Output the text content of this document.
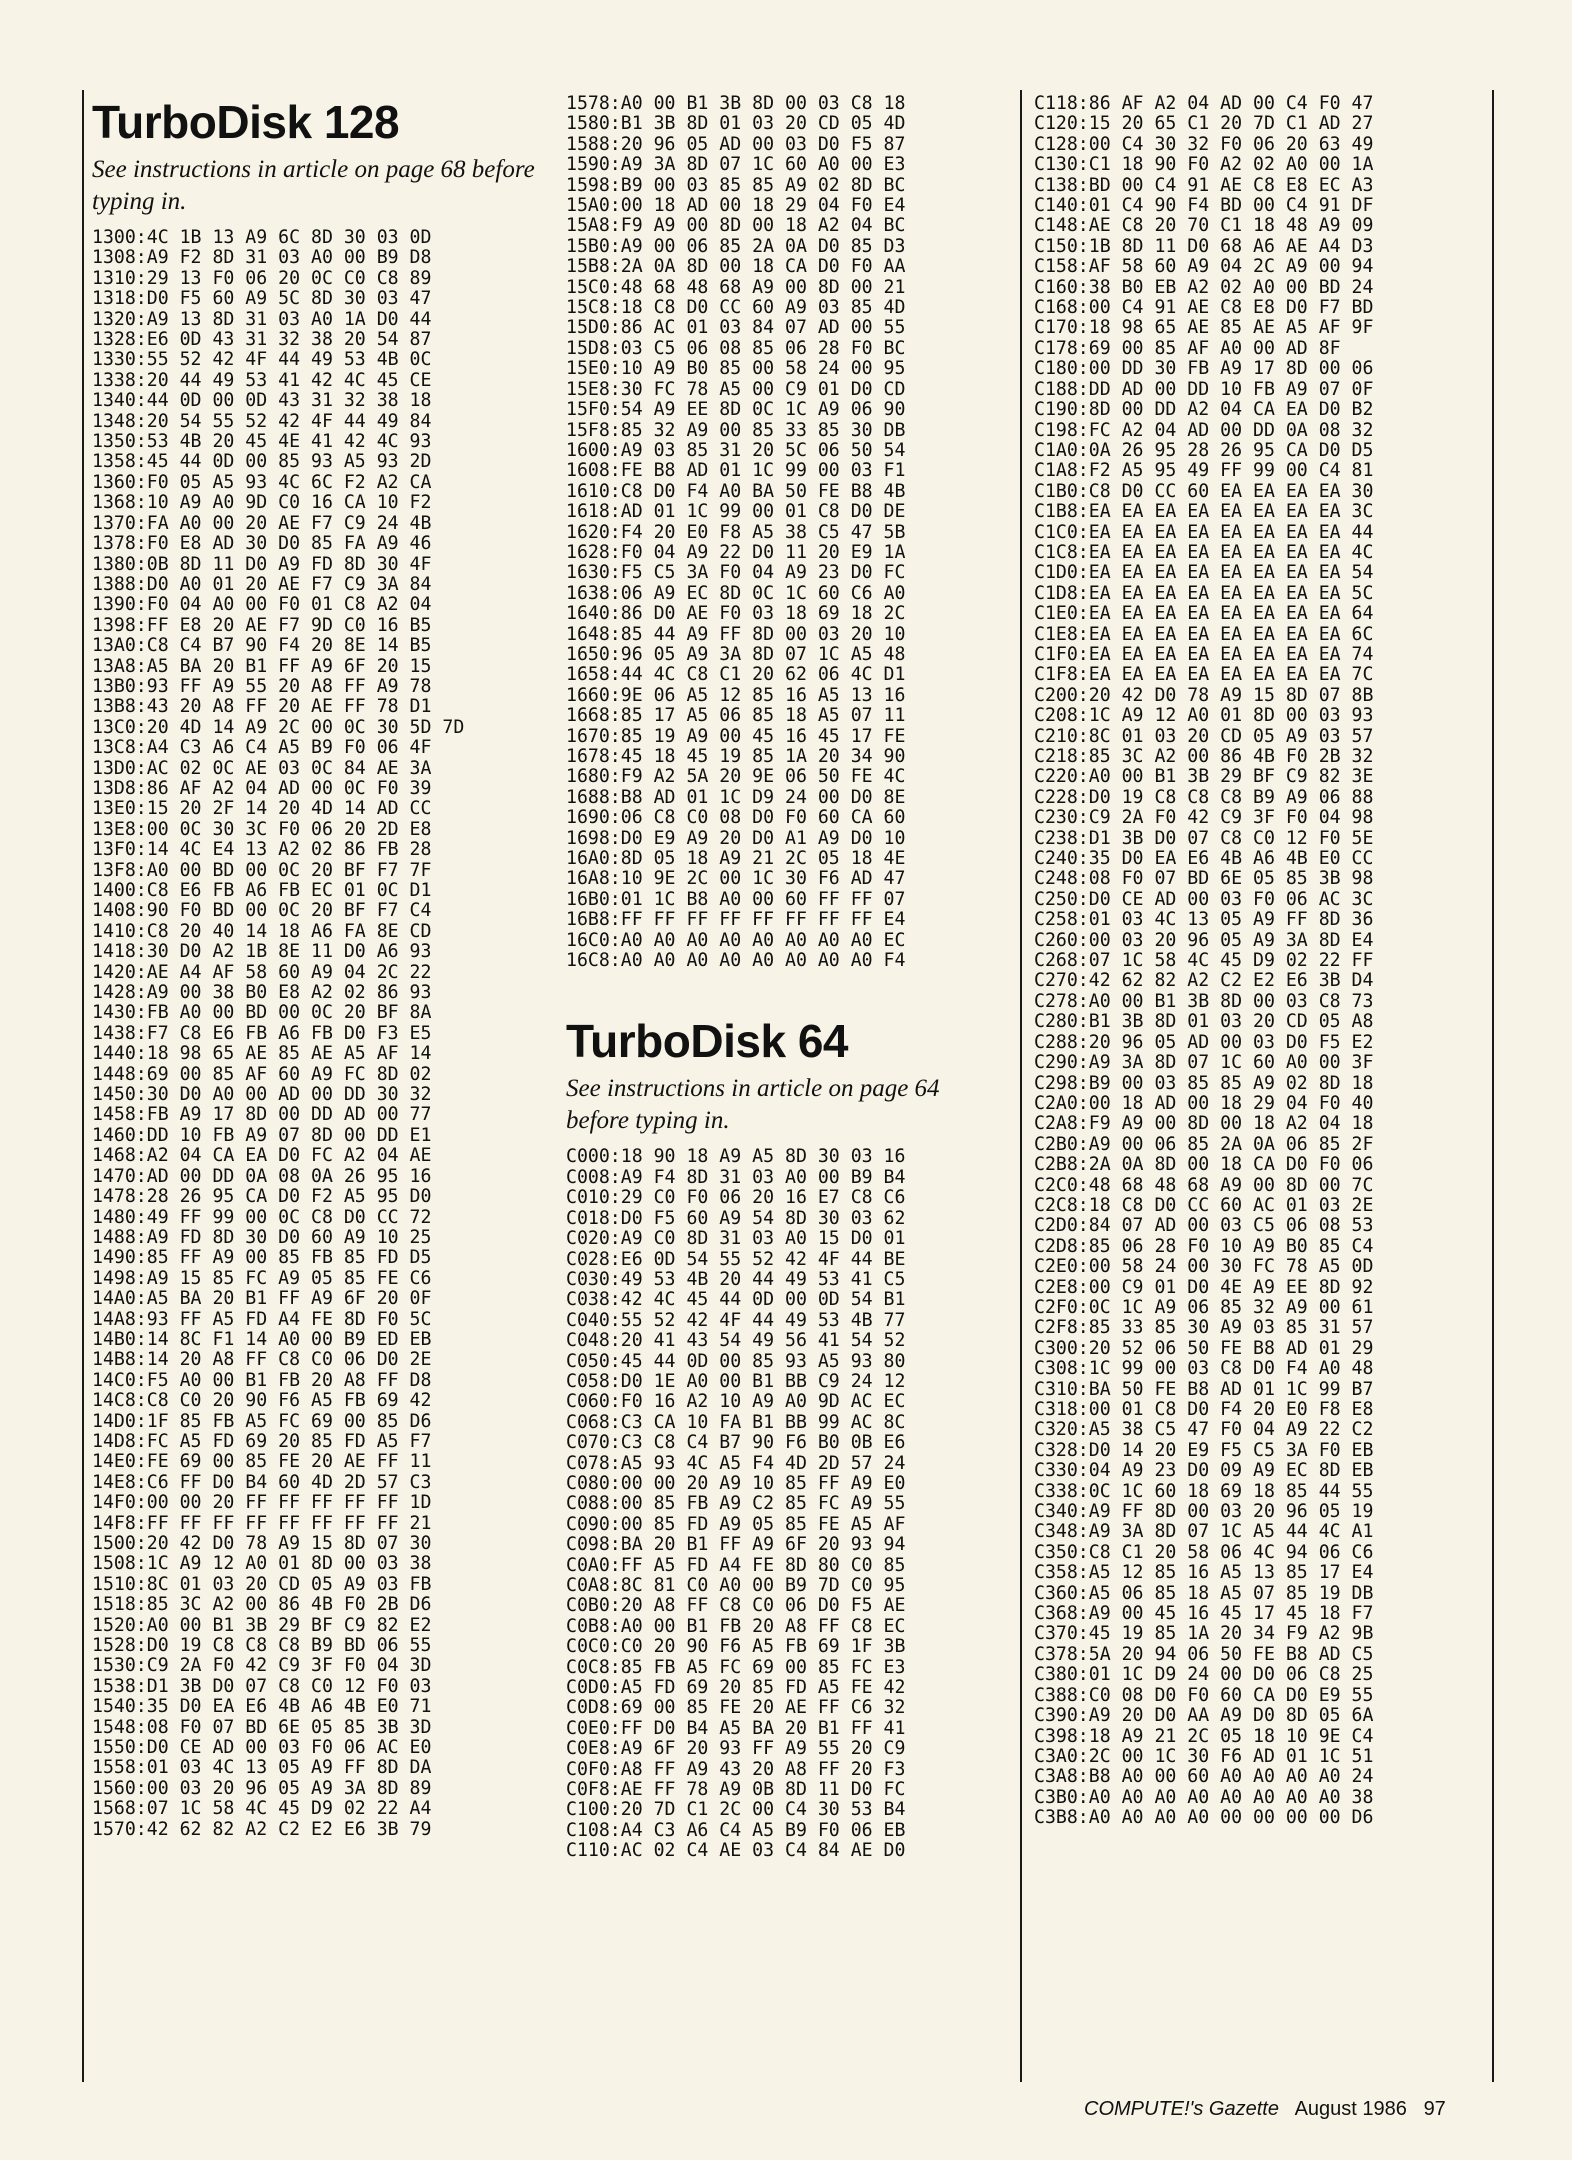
TurboDisk 128
See instructions in article on page 68 before typing in.
1300:4C 1B 13 A9 6C 8D 30 03 0D
1308:A9 F2 8D 31 03 A0 00 B9 D8
1310:29 13 F0 06 20 0C C0 C8 89
1318:D0 F5 60 A9 5C 8D 30 03 47
1320:A9 13 8D 31 03 A0 1A D0 44
1328:E6 0D 43 31 32 38 20 54 87
1330:55 52 42 4F 44 49 53 4B 0C
1338:20 44 49 53 41 42 4C 45 CE
1340:44 0D 00 0D 43 31 32 38 18
1348:20 54 55 52 42 4F 44 49 84
1350:53 4B 20 45 4E 41 42 4C 93
1358:45 44 0D 00 85 93 A5 93 2D
1360:F0 05 A5 93 4C 6C F2 A2 CA
1368:10 A9 A0 9D C0 16 CA 10 F2
1370:FA A0 00 20 AE F7 C9 24 4B
1378:F0 E8 AD 30 D0 85 FA A9 46
1380:0B 8D 11 D0 A9 FD 8D 30 4F
1388:D0 A0 01 20 AE F7 C9 3A 84
1390:F0 04 A0 00 F0 01 C8 A2 04
1398:FF E8 20 AE F7 9D C0 16 B5
13A0:C8 C4 B7 90 F4 20 8E 14 B5
13A8:A5 BA 20 B1 FF A9 6F 20 15
13B0:93 FF A9 55 20 A8 FF A9 78
13B8:43 20 A8 FF 20 AE FF 78 D1
13C0:20 4D 14 A9 2C 00 0C 30 5D 7D
13C8:A4 C3 A6 C4 A5 B9 F0 06 4F
13D0:AC 02 0C AE 03 0C 84 AE 3A
13D8:86 AF A2 04 AD 00 0C F0 39
13E0:15 20 2F 14 20 4D 14 AD CC
13E8:00 0C 30 3C F0 06 20 2D E8
13F0:14 4C E4 13 A2 02 86 FB 28
13F8:A0 00 BD 00 0C 20 BF F7 7F
1400:C8 E6 FB A6 FB EC 01 0C D1
1408:90 F0 BD 00 0C 20 BF F7 C4
1410:C8 20 40 14 18 A6 FA 8E CD
1418:30 D0 A2 1B 8E 11 D0 A6 93
1420:AE A4 AF 58 60 A9 04 2C 22
1428:A9 00 38 B0 E8 A2 02 86 93
1430:FB A0 00 BD 00 0C 20 BF 8A
1438:F7 C8 E6 FB A6 FB D0 F3 E5
1440:18 98 65 AE 85 AE A5 AF 14
1448:69 00 85 AF 60 A9 FC 8D 02
1450:30 D0 A0 00 AD 00 DD 30 32
1458:FB A9 17 8D 00 DD AD 00 77
1460:DD 10 FB A9 07 8D 00 DD E1
1468:A2 04 CA EA D0 FC A2 04 AE
1470:AD 00 DD 0A 08 0A 26 95 16
1478:28 26 95 CA D0 F2 A5 95 D0
1480:49 FF 99 00 0C C8 D0 CC 72
1488:A9 FD 8D 30 D0 60 A9 10 25
1490:85 FF A9 00 85 FB 85 FD D5
1498:A9 15 85 FC A9 05 85 FE C6
14A0:A5 BA 20 B1 FF A9 6F 20 0F
14A8:93 FF A5 FD A4 FE 8D F0 5C
14B0:14 8C F1 14 A0 00 B9 ED EB
14B8:14 20 A8 FF C8 C0 06 D0 2E
14C0:F5 A0 00 B1 FB 20 A8 FF D8
14C8:C8 C0 20 90 F6 A5 FB 69 42
14D0:1F 85 FB A5 FC 69 00 85 D6
14D8:FC A5 FD 69 20 85 FD A5 F7
14E0:FE 69 00 85 FE 20 AE FF 11
14E8:C6 FF D0 B4 60 4D 2D 57 C3
14F0:00 00 20 FF FF FF FF FF 1D
14F8:FF FF FF FF FF FF FF FF 21
1500:20 42 D0 78 A9 15 8D 07 30
1508:1C A9 12 A0 01 8D 00 03 38
1510:8C 01 03 20 CD 05 A9 03 FB
1518:85 3C A2 00 86 4B F0 2B D6
1520:A0 00 B1 3B 29 BF C9 82 E2
1528:D0 19 C8 C8 C8 B9 BD 06 55
1530:C9 2A F0 42 C9 3F F0 04 3D
1538:D1 3B D0 07 C8 C0 12 F0 03
1540:35 D0 EA E6 4B A6 4B E0 71
1548:08 F0 07 BD 6E 05 85 3B 3D
1550:D0 CE AD 00 03 F0 06 AC E0
1558:01 03 4C 13 05 A9 FF 8D DA
1560:00 03 20 96 05 A9 3A 8D 89
1568:07 1C 58 4C 45 D9 02 22 A4
1570:42 62 82 A2 C2 E2 E6 3B 79
1578:A0 00 B1 3B 8D 00 03 C8 18
1580:B1 3B 8D 01 03 20 CD 05 4D
1588:20 96 05 AD 00 03 D0 F5 87
1590:A9 3A 8D 07 1C 60 A0 00 E3
1598:B9 00 03 85 85 A9 02 8D BC
15A0:00 18 AD 00 18 29 04 F0 E4
15A8:F9 A9 00 8D 00 18 A2 04 BC
15B0:A9 00 06 85 2A 0A D0 85 D3
15B8:2A 0A 8D 00 18 CA D0 F0 AA
15C0:48 68 48 68 A9 00 8D 00 21
15C8:18 C8 D0 CC 60 A9 03 85 4D
15D0:86 AC 01 03 84 07 AD 00 55
15D8:03 C5 06 08 85 06 28 F0 BC
15E0:10 A9 B0 85 00 58 24 00 95
15E8:30 FC 78 A5 00 C9 01 D0 CD
15F0:54 A9 EE 8D 0C 1C A9 06 90
15F8:85 32 A9 00 85 33 85 30 DB
1600:A9 03 85 31 20 5C 06 50 54
1608:FE B8 AD 01 1C 99 00 03 F1
1610:C8 D0 F4 A0 BA 50 FE B8 4B
1618:AD 01 1C 99 00 01 C8 D0 DE
1620:F4 20 E0 F8 A5 38 C5 47 5B
1628:F0 04 A9 22 D0 11 20 E9 1A
1630:F5 C5 3A F0 04 A9 23 D0 FC
1638:06 A9 EC 8D 0C 1C 60 C6 A0
1640:86 D0 AE F0 03 18 69 18 2C
1648:85 44 A9 FF 8D 00 03 20 10
1650:96 05 A9 3A 8D 07 1C A5 48
1658:44 4C C8 C1 20 62 06 4C D1
1660:9E 06 A5 12 85 16 A5 13 16
1668:85 17 A5 06 85 18 A5 07 11
1670:85 19 A9 00 45 16 45 17 FE
1678:45 18 45 19 85 1A 20 34 90
1680:F9 A2 5A 20 9E 06 50 FE 4C
1688:B8 AD 01 1C D9 24 00 D0 8E
1690:06 C8 C0 08 D0 F0 60 CA 60
1698:D0 E9 A9 20 D0 A1 A9 D0 10
16A0:8D 05 18 A9 21 2C 05 18 4E
16A8:10 9E 2C 00 1C 30 F6 AD 47
16B0:01 1C B8 A0 00 60 FF FF 07
16B8:FF FF FF FF FF FF FF FF E4
16C0:A0 A0 A0 A0 A0 A0 A0 A0 EC
16C8:A0 A0 A0 A0 A0 A0 A0 A0 F4
TurboDisk 64
See instructions in article on page 64 before typing in.
C000:18 90 18 A9 A5 8D 30 03 16
C008:A9 F4 8D 31 03 A0 00 B9 B4
C010:29 C0 F0 06 20 16 E7 C8 C6
C018:D0 F5 60 A9 54 8D 30 03 62
C020:A9 C0 8D 31 03 A0 15 D0 01
C028:E6 0D 54 55 52 42 4F 44 BE
C030:49 53 4B 20 44 49 53 41 C5
C038:42 4C 45 44 0D 00 0D 54 B1
C040:55 52 42 4F 44 49 53 4B 77
C048:20 41 43 54 49 56 41 54 52
C050:45 44 0D 00 85 93 A5 93 80
C058:D0 1E A0 00 B1 BB C9 24 12
C060:F0 16 A2 10 A9 A0 9D AC EC
C068:C3 CA 10 FA B1 BB 99 AC 8C
C070:C3 C8 C4 B7 90 F6 B0 0B E6
C078:A5 93 4C A5 F4 4D 2D 57 24
C080:00 00 20 A9 10 85 FF A9 E0
C088:00 85 FB A9 C2 85 FC A9 55
C090:00 85 FD A9 05 85 FE A5 AF
C098:BA 20 B1 FF A9 6F 20 93 94
C0A0:FF A5 FD A4 FE 8D 80 C0 85
C0A8:8C 81 C0 A0 00 B9 7D C0 95
C0B0:20 A8 FF C8 C0 06 D0 F5 AE
C0B8:A0 00 B1 FB 20 A8 FF C8 EC
C0C0:C0 20 90 F6 A5 FB 69 1F 3B
C0C8:85 FB A5 FC 69 00 85 FC E3
C0D0:A5 FD 69 20 85 FD A5 FE 42
C0D8:69 00 85 FE 20 AE FF C6 32
C0E0:FF D0 B4 A5 BA 20 B1 FF 41
C0E8:A9 6F 20 93 FF A9 55 20 C9
C0F0:A8 FF A9 43 20 A8 FF 20 F3
C0F8:AE FF 78 A9 0B 8D 11 D0 FC
C100:20 7D C1 2C 00 C4 30 53 B4
C108:A4 C3 A6 C4 A5 B9 F0 06 EB
C110:AC 02 C4 AE 03 C4 84 AE D0
C118:86 AF A2 04 AD 00 C4 F0 47
C120:15 20 65 C1 20 7D C1 AD 27
C128:00 C4 30 32 F0 06 20 63 49
C130:C1 18 90 F0 A2 02 A0 00 1A
C138:BD 00 C4 91 AE C8 E8 EC A3
C140:01 C4 90 F4 BD 00 C4 91 DF
C148:AE C8 20 70 C1 18 48 A9 09
C150:1B 8D 11 D0 68 A6 AE A4 D3
C158:AF 58 60 A9 04 2C A9 00 94
C160:38 B0 EB A2 02 A0 00 BD 24
C168:00 C4 91 AE C8 E8 D0 F7 BD
C170:18 98 65 AE 85 AE A5 AF 9F
C178:69 00 85 AF A0 00 AD 8F
C180:00 DD 30 FB A9 17 8D 00 06
C188:DD AD 00 DD 10 FB A9 07 0F
C190:8D 00 DD A2 04 CA EA D0 B2
C198:FC A2 04 AD 00 DD 0A 08 32
C1A0:0A 26 95 28 26 95 CA D0 D5
C1A8:F2 A5 95 49 FF 99 00 C4 81
C1B0:C8 D0 CC 60 EA EA EA EA 30
C1B8:EA EA EA EA EA EA EA EA 3C
C1C0:EA EA EA EA EA EA EA EA 44
C1C8:EA EA EA EA EA EA EA EA 4C
C1D0:EA EA EA EA EA EA EA EA 54
C1D8:EA EA EA EA EA EA EA EA 5C
C1E0:EA EA EA EA EA EA EA EA 64
C1E8:EA EA EA EA EA EA EA EA 6C
C1F0:EA EA EA EA EA EA EA EA 74
C1F8:EA EA EA EA EA EA EA EA 7C
C200:20 42 D0 78 A9 15 8D 07 8B
C208:1C A9 12 A0 01 8D 00 03 93
C210:8C 01 03 20 CD 05 A9 03 57
C218:85 3C A2 00 86 4B F0 2B 32
C220:A0 00 B1 3B 29 BF C9 82 3E
C228:D0 19 C8 C8 C8 B9 A9 06 88
C230:C9 2A F0 42 C9 3F F0 04 98
C238:D1 3B D0 07 C8 C0 12 F0 5E
C240:35 D0 EA E6 4B A6 4B E0 CC
C248:08 F0 07 BD 6E 05 85 3B 98
C250:D0 CE AD 00 03 F0 06 AC 3C
C258:01 03 4C 13 05 A9 FF 8D 36
C260:00 03 20 96 05 A9 3A 8D E4
C268:07 1C 58 4C 45 D9 02 22 FF
C270:42 62 82 A2 C2 E2 E6 3B D4
C278:A0 00 B1 3B 8D 00 03 C8 73
C280:B1 3B 8D 01 03 20 CD 05 A8
C288:20 96 05 AD 00 03 D0 F5 E2
C290:A9 3A 8D 07 1C 60 A0 00 3F
C298:B9 00 03 85 85 A9 02 8D 18
C2A0:00 18 AD 00 18 29 04 F0 40
C2A8:F9 A9 00 8D 00 18 A2 04 18
C2B0:A9 00 06 85 2A 0A 06 85 2F
C2B8:2A 0A 8D 00 18 CA D0 F0 06
C2C0:48 68 48 68 A9 00 8D 00 7C
C2C8:18 C8 D0 CC 60 AC 01 03 2E
C2D0:84 07 AD 00 03 C5 06 08 53
C2D8:85 06 28 F0 10 A9 B0 85 C4
C2E0:00 58 24 00 30 FC 78 A5 0D
C2E8:00 C9 01 D0 4E A9 EE 8D 92
C2F0:0C 1C A9 06 85 32 A9 00 61
C2F8:85 33 85 30 A9 03 85 31 57
C300:20 52 06 50 FE B8 AD 01 29
C308:1C 99 00 03 C8 D0 F4 A0 48
C310:BA 50 FE B8 AD 01 1C 99 B7
C318:00 01 C8 D0 F4 20 E0 F8 E8
C320:A5 38 C5 47 F0 04 A9 22 C2
C328:D0 14 20 E9 F5 C5 3A F0 EB
C330:04 A9 23 D0 09 A9 EC 8D EB
C338:0C 1C 60 18 69 18 85 44 55
C340:A9 FF 8D 00 03 20 96 05 19
C348:A9 3A 8D 07 1C A5 44 4C A1
C350:C8 C1 20 58 06 4C 94 06 C6
C358:A5 12 85 16 A5 13 85 17 E4
C360:A5 06 85 18 A5 07 85 19 DB
C368:A9 00 45 16 45 17 45 18 F7
C370:45 19 85 1A 20 34 F9 A2 9B
C378:5A 20 94 06 50 FE B8 AD C5
C380:01 1C D9 24 00 D0 06 C8 25
C388:C0 08 D0 F0 60 CA D0 E9 55
C390:A9 20 D0 AA A9 D0 8D 05 6A
C398:18 A9 21 2C 05 18 10 9E C4
C3A0:2C 00 1C 30 F6 AD 01 1C 51
C3A8:B8 A0 00 60 A0 A0 A0 A0 24
C3B0:A0 A0 A0 A0 A0 A0 A0 A0 38
C3B8:A0 A0 A0 A0 00 00 00 00 D6
COMPUTE!'s Gazette August 1986 97
